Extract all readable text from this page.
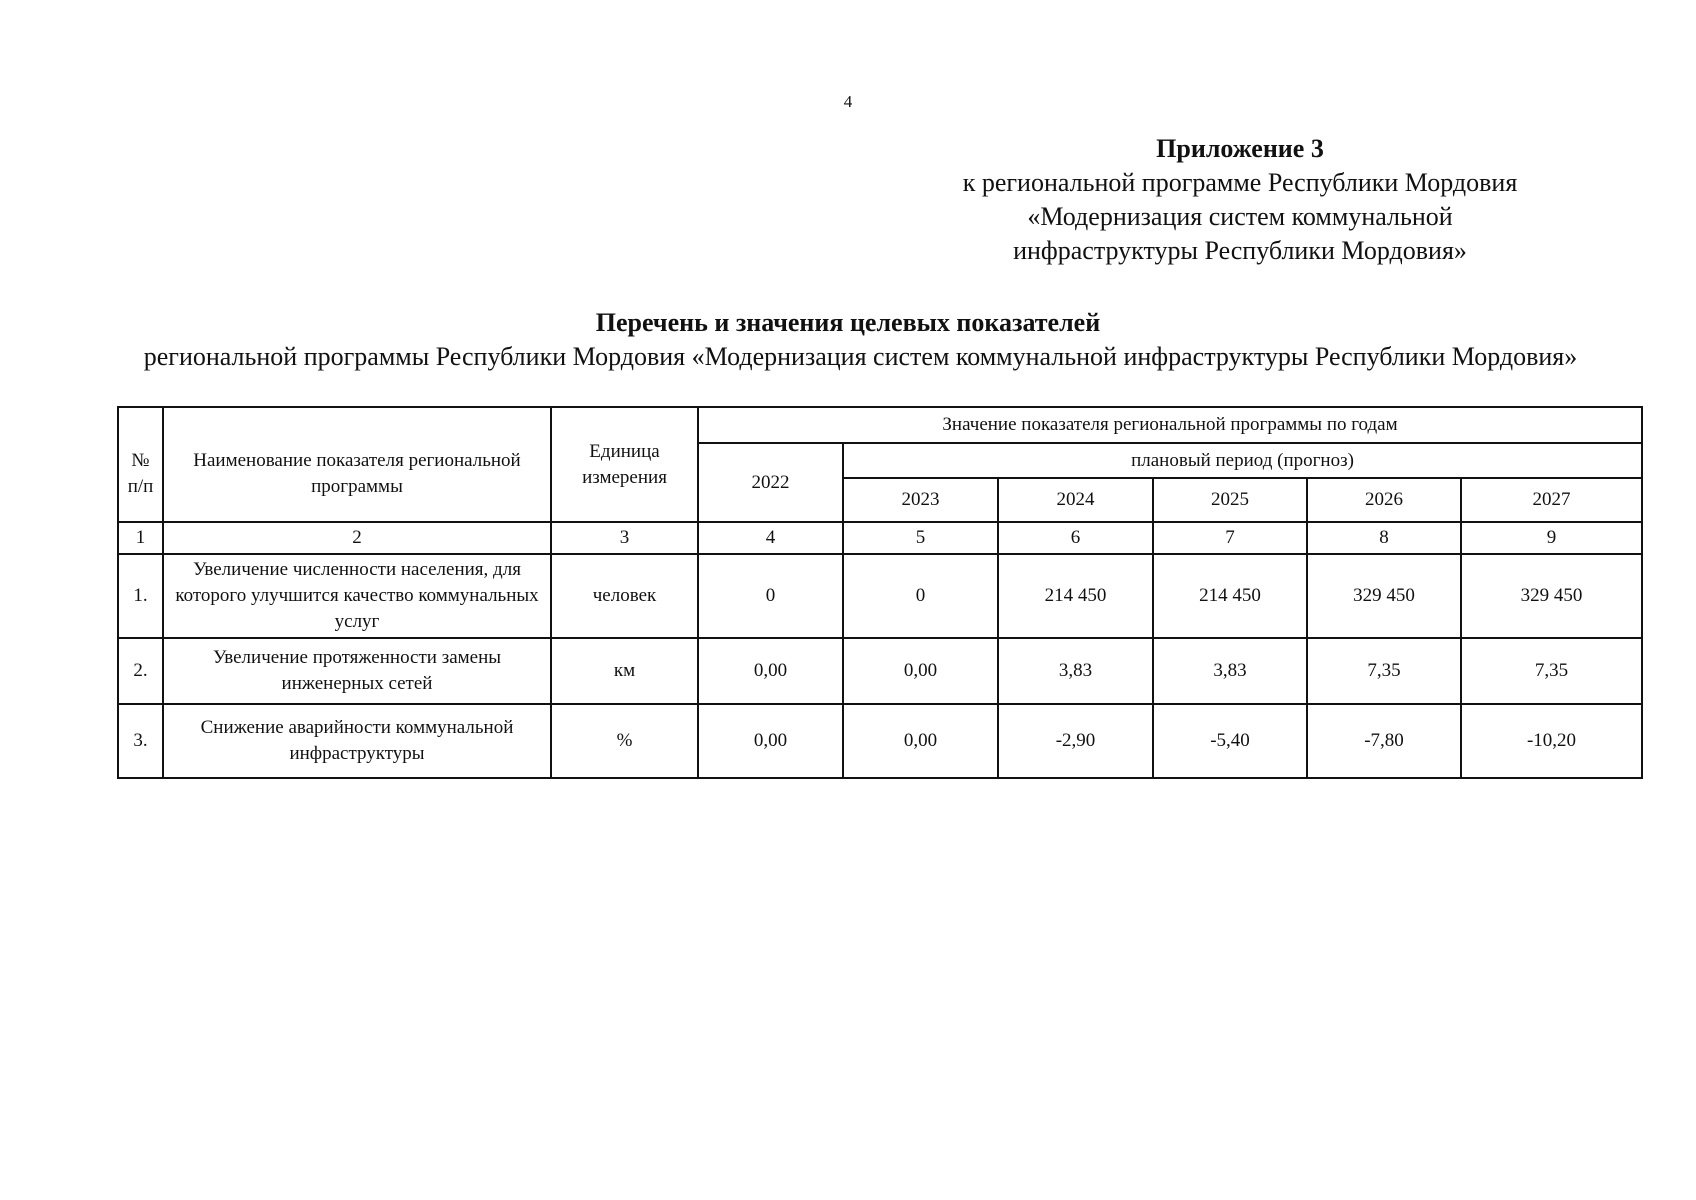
4
Приложение 3
к региональной программе Республики Мордовия
«Модернизация систем коммунальной
инфраструктуры Республики Мордовия»
Перечень и значения целевых показателей
региональной программы Республики Мордовия «Модернизация систем коммунальной инфраструктуры Республики Мордовия»
№ п/п	Наименование показателя региональной программы	Единица измерения	Значение показателя региональной программы по годам					
			2022	плановый период (прогноз)				
				2023	2024	2025	2026	2027
1	2	3	4	5	6	7	8	9
1.	Увеличение численности населения, для которого улучшится качество коммунальных услуг	человек	0	0	214 450	214 450	329 450	329 450
2.	Увеличение протяженности замены инженерных сетей	км	0,00	0,00	3,83	3,83	7,35	7,35
3.	Снижение аварийности коммунальной инфраструктуры	%	0,00	0,00	-2,90	-5,40	-7,80	-10,20
